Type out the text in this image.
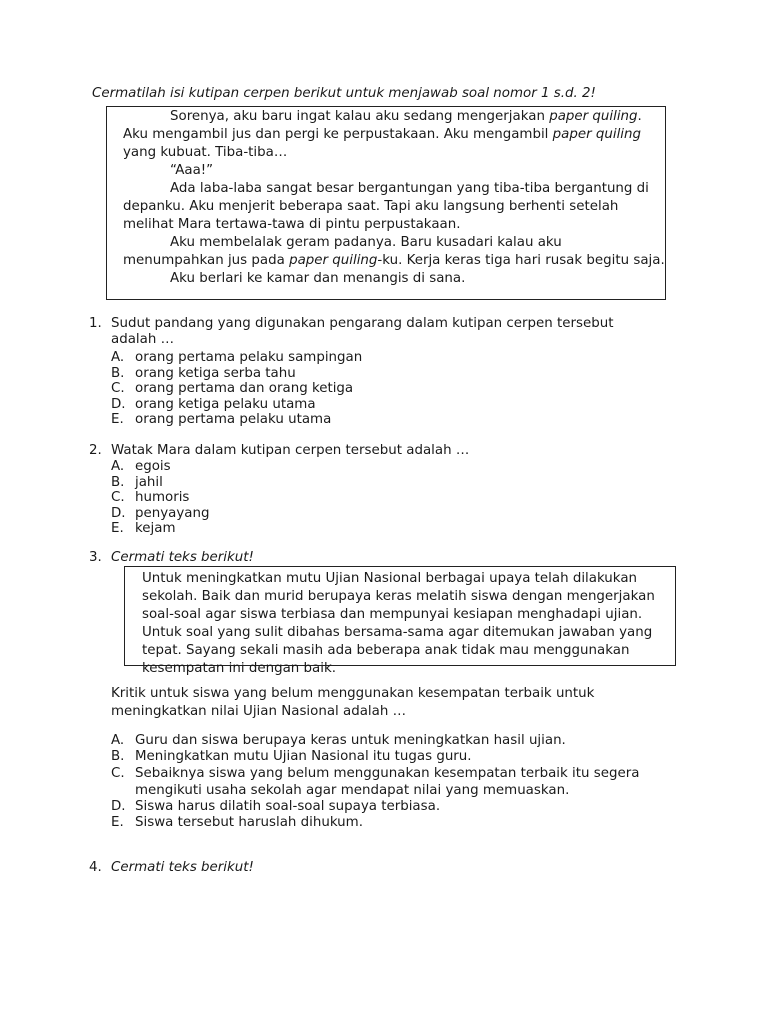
Cermatilah isi kutipan cerpen berikut untuk menjawab soal nomor 1 s.d. 2!

Sorenya, aku baru ingat kalau aku sedang mengerjakan paper quiling. Aku mengambil jus dan pergi ke perpustakaan. Aku mengambil paper quiling yang kubuat. Tiba-tiba…

“Aaa!”

Ada laba-laba sangat besar bergantungan yang tiba-tiba bergantung di depanku. Aku menjerit beberapa saat. Tapi aku langsung berhenti setelah melihat Mara tertawa-tawa di pintu perpustakaan.

Aku membelalak geram padanya. Baru kusadari kalau aku menumpahkan jus pada paper quiling-ku. Kerja keras tiga hari rusak begitu saja.

Aku berlari ke kamar dan menangis di sana.

1. Sudut pandang yang digunakan pengarang dalam kutipan cerpen tersebut adalah …
A. orang pertama pelaku sampingan
B. orang ketiga serba tahu
C. orang pertama dan orang ketiga
D. orang ketiga pelaku utama
E. orang pertama pelaku utama
2. Watak Mara dalam kutipan cerpen tersebut adalah …
A. egois
B. jahil
C. humoris
D. penyayang
E. kejam
3. Cermati teks berikut!

Untuk meningkatkan mutu Ujian Nasional berbagai upaya telah dilakukan sekolah. Baik dan murid berupaya keras melatih siswa dengan mengerjakan soal-soal agar siswa terbiasa dan mempunyai kesiapan menghadapi ujian. Untuk soal yang sulit dibahas bersama-sama agar ditemukan jawaban yang tepat. Sayang sekali masih ada beberapa anak tidak mau menggunakan kesempatan ini dengan baik.

Kritik untuk siswa yang belum menggunakan kesempatan terbaik untuk meningkatkan nilai Ujian Nasional adalah …
A. Guru dan siswa berupaya keras untuk meningkatkan hasil ujian.
B. Meningkatkan mutu Ujian Nasional itu tugas guru.
C. Sebaiknya siswa yang belum menggunakan kesempatan terbaik itu segera mengikuti usaha sekolah agar mendapat nilai yang memuaskan.
D. Siswa harus dilatih soal-soal supaya terbiasa.
E. Siswa tersebut haruslah dihukum.
4. Cermati teks berikut!
